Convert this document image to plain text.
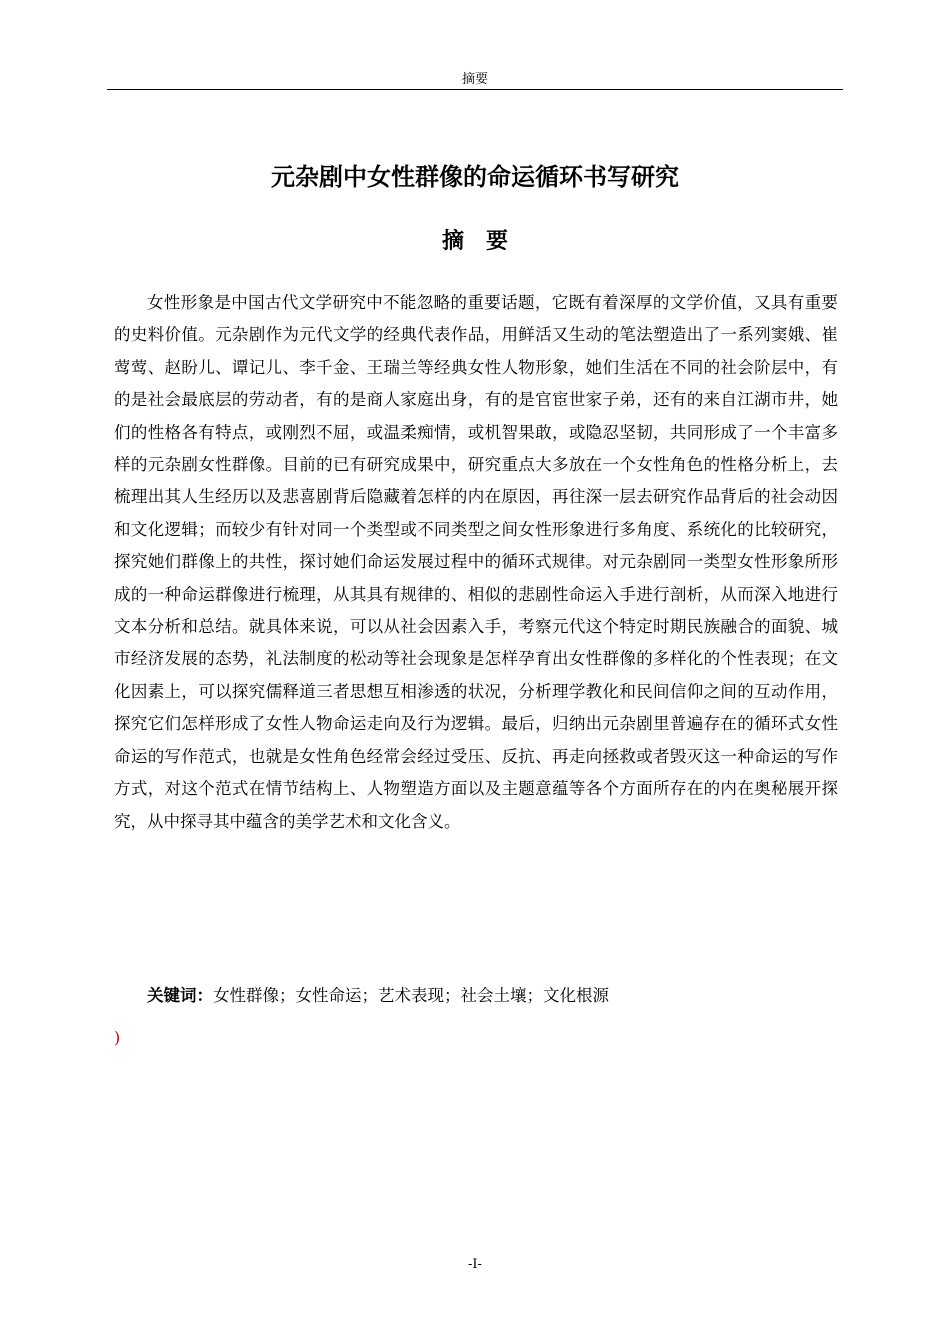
摘要
元杂剧中女性群像的命运循环书写研究
摘要

女性形象是中国古代文学研究中不能忽略的重要话题，它既有着深厚的文学价值，又具有重要的史料价值。元杂剧作为元代文学的经典代表作品，用鲜活又生动的笔法塑造出了一系列窦娥、崔莺莺、赵盼儿、谭记儿、李千金、王瑞兰等经典女性人物形象，她们生活在不同的社会阶层中，有的是社会最底层的劳动者，有的是商人家庭出身，有的是官宦世家子弟，还有的来自江湖市井，她们的性格各有特点，或刚烈不屈，或温柔痴情，或机智果敢，或隐忍坚韧，共同形成了一个丰富多样的元杂剧女性群像。目前的已有研究成果中，研究重点大多放在一个女性角色的性格分析上，去梳理出其人生经历以及悲喜剧背后隐藏着怎样的内在原因，再往深一层去研究作品背后的社会动因和文化逻辑；而较少有针对同一个类型或不同类型之间女性形象进行多角度、系统化的比较研究，探究她们群像上的共性，探讨她们命运发展过程中的循环式规律。对元杂剧同一类型女性形象所形成的一种命运群像进行梳理，从其具有规律的、相似的悲剧性命运入手进行剖析，从而深入地进行文本分析和总结。就具体来说，可以从社会因素入手，考察元代这个特定时期民族融合的面貌、城市经济发展的态势，礼法制度的松动等社会现象是怎样孕育出女性群像的多样化的个性表现；在文化因素上，可以探究儒释道三者思想互相渗透的状况，分析理学教化和民间信仰之间的互动作用，探究它们怎样形成了女性人物命运走向及行为逻辑。最后，归纳出元杂剧里普遍存在的循环式女性命运的写作范式，也就是女性角色经常会经过受压、反抗、再走向拯救或者毁灭这一种命运的写作方式，对这个范式在情节结构上、人物塑造方面以及主题意蕴等各个方面所存在的内在奥秘展开探究，从中探寻其中蕴含的美学艺术和文化含义。

关键词：女性群像；女性命运；艺术表现；社会土壤；文化根源

)
-I-
